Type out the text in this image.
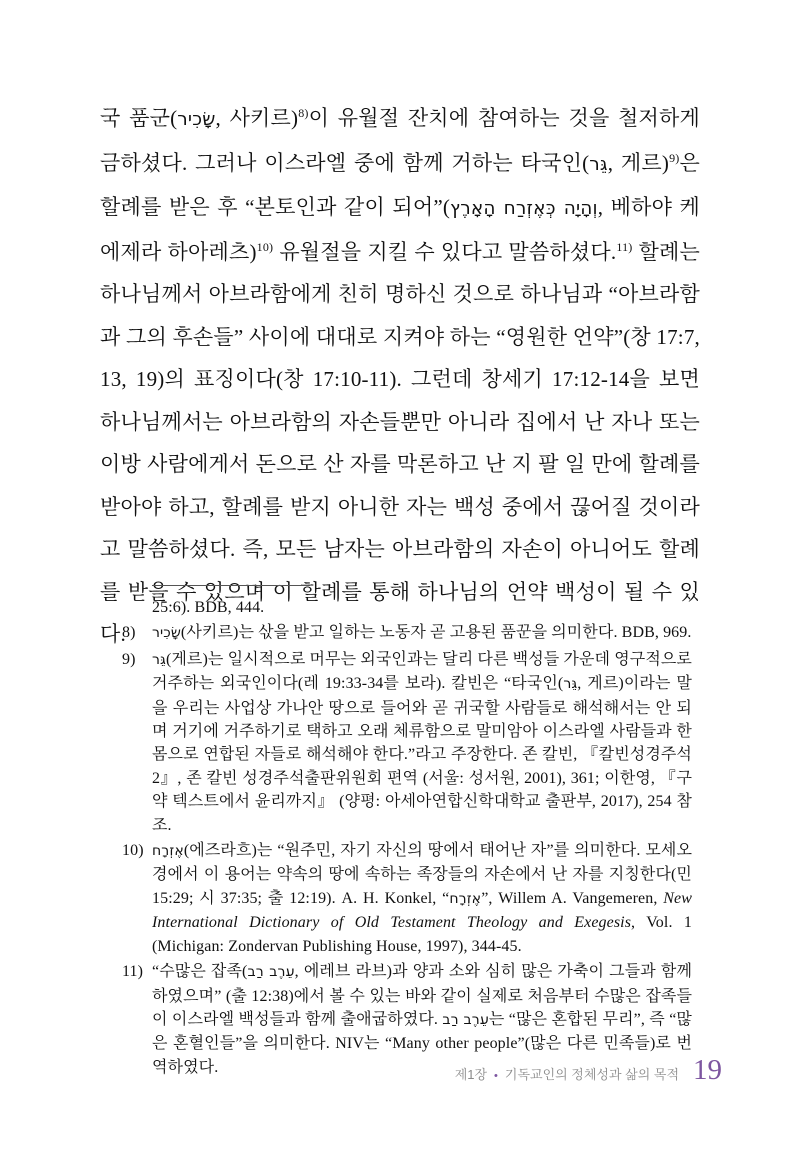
국 품군(שָׂכִיר, 사키르)$^{8)}$이 유월절 잔치에 참여하는 것을 철저하게 금하셨다. 그러나 이스라엘 중에 함께 거하는 타국인(גֵּר, 게르)$^{9)}$은 할례를 받은 후 “본토인과 같이 되어”(וְהָיָה כְּאֶזְרַח הָאָרֶץ, 베하야 케에제라 하아레츠)$^{10)}$ 유월절을 지킬 수 있다고 말씀하셨다.$^{11)}$ 할례는 하나님께서 아브라함에게 친히 명하신 것으로 하나님과 “아브라함과 그의 후손들” 사이에 대대로 지켜야 하는 “영원한 언약”(창 17:7, 13, 19)의 표징이다(창 17:10-11). 그런데 창세기 17:12-14을 보면 하나님께서는 아브라함의 자손들뿐만 아니라 집에서 난 자나 또는 이방 사람에게서 돈으로 산 자를 막론하고 난 지 팔 일 만에 할례를 받아야 하고, 할례를 받지 아니한 자는 백성 중에서 끊어질 것이라고 말씀하셨다. 즉, 모든 남자는 아브라함의 자손이 아니어도 할례를 받을 수 있으며 이 할례를 통해 하나님의 언약 백성이 될 수 있다.
25:6). BDB, 444.
8) שָׂכִיר(사키르)는 삯을 받고 일하는 노동자 곧 고용된 품꾼을 의미한다. BDB, 969.
9) גֵּר(게르)는 일시적으로 머무는 외국인과는 달리 다른 백성들 가운데 영구적으로 거주하는 외국인이다(레 19:33-34를 보라). 칼빈은 “타국인(גֵּר, 게르)이라는 말을 우리는 사업상 가나안 땅으로 들어와 곧 귀국할 사람들로 해석해서는 안 되며 거기에 거주하기로 택하고 오래 체류함으로 말미암아 이스라엘 사람들과 한 몸으로 연합된 자들로 해석해야 한다.”라고 주장한다. 존 칼빈, 『칼빈성경주석 2』, 존 칼빈 성경주석출판위원회 편역 (서울: 성서원, 2001), 361; 이한영, 『구약 텍스트에서 윤리까지』 (양평: 아세아연합신학대학교 출판부, 2017), 254 참조.
10) אֶזְרָח(에즈라흐)는 “원주민, 자기 자신의 땅에서 태어난 자”를 의미한다. 모세오경에서 이 용어는 약속의 땅에 속하는 족장들의 자손에서 난 자를 지칭한다(민 15:29; 시 37:35; 출 12:19). A. H. Konkel, “אֶזְרָח”, Willem A. Vangemeren, New International Dictionary of Old Testament Theology and Exegesis, Vol. 1 (Michigan: Zondervan Publishing House, 1997), 344-45.
11) “수많은 잡족(עֵרֶב רַב, 에레브 라브)과 양과 소와 심히 많은 가축이 그들과 함께 하였으며” (출 12:38)에서 볼 수 있는 바와 같이 실제로 처음부터 수많은 잡족들이 이스라엘 백성들과 함께 출애굽하였다. עֵרֶב רַב는 “많은 혼합된 무리”, 즉 “많은 혼혈인들”을 의미한다. NIV는 “Many other people”(많은 다른 민족들)로 번역하였다.	제1장 • 기독교인의 정체성과 삶의 목적 19
